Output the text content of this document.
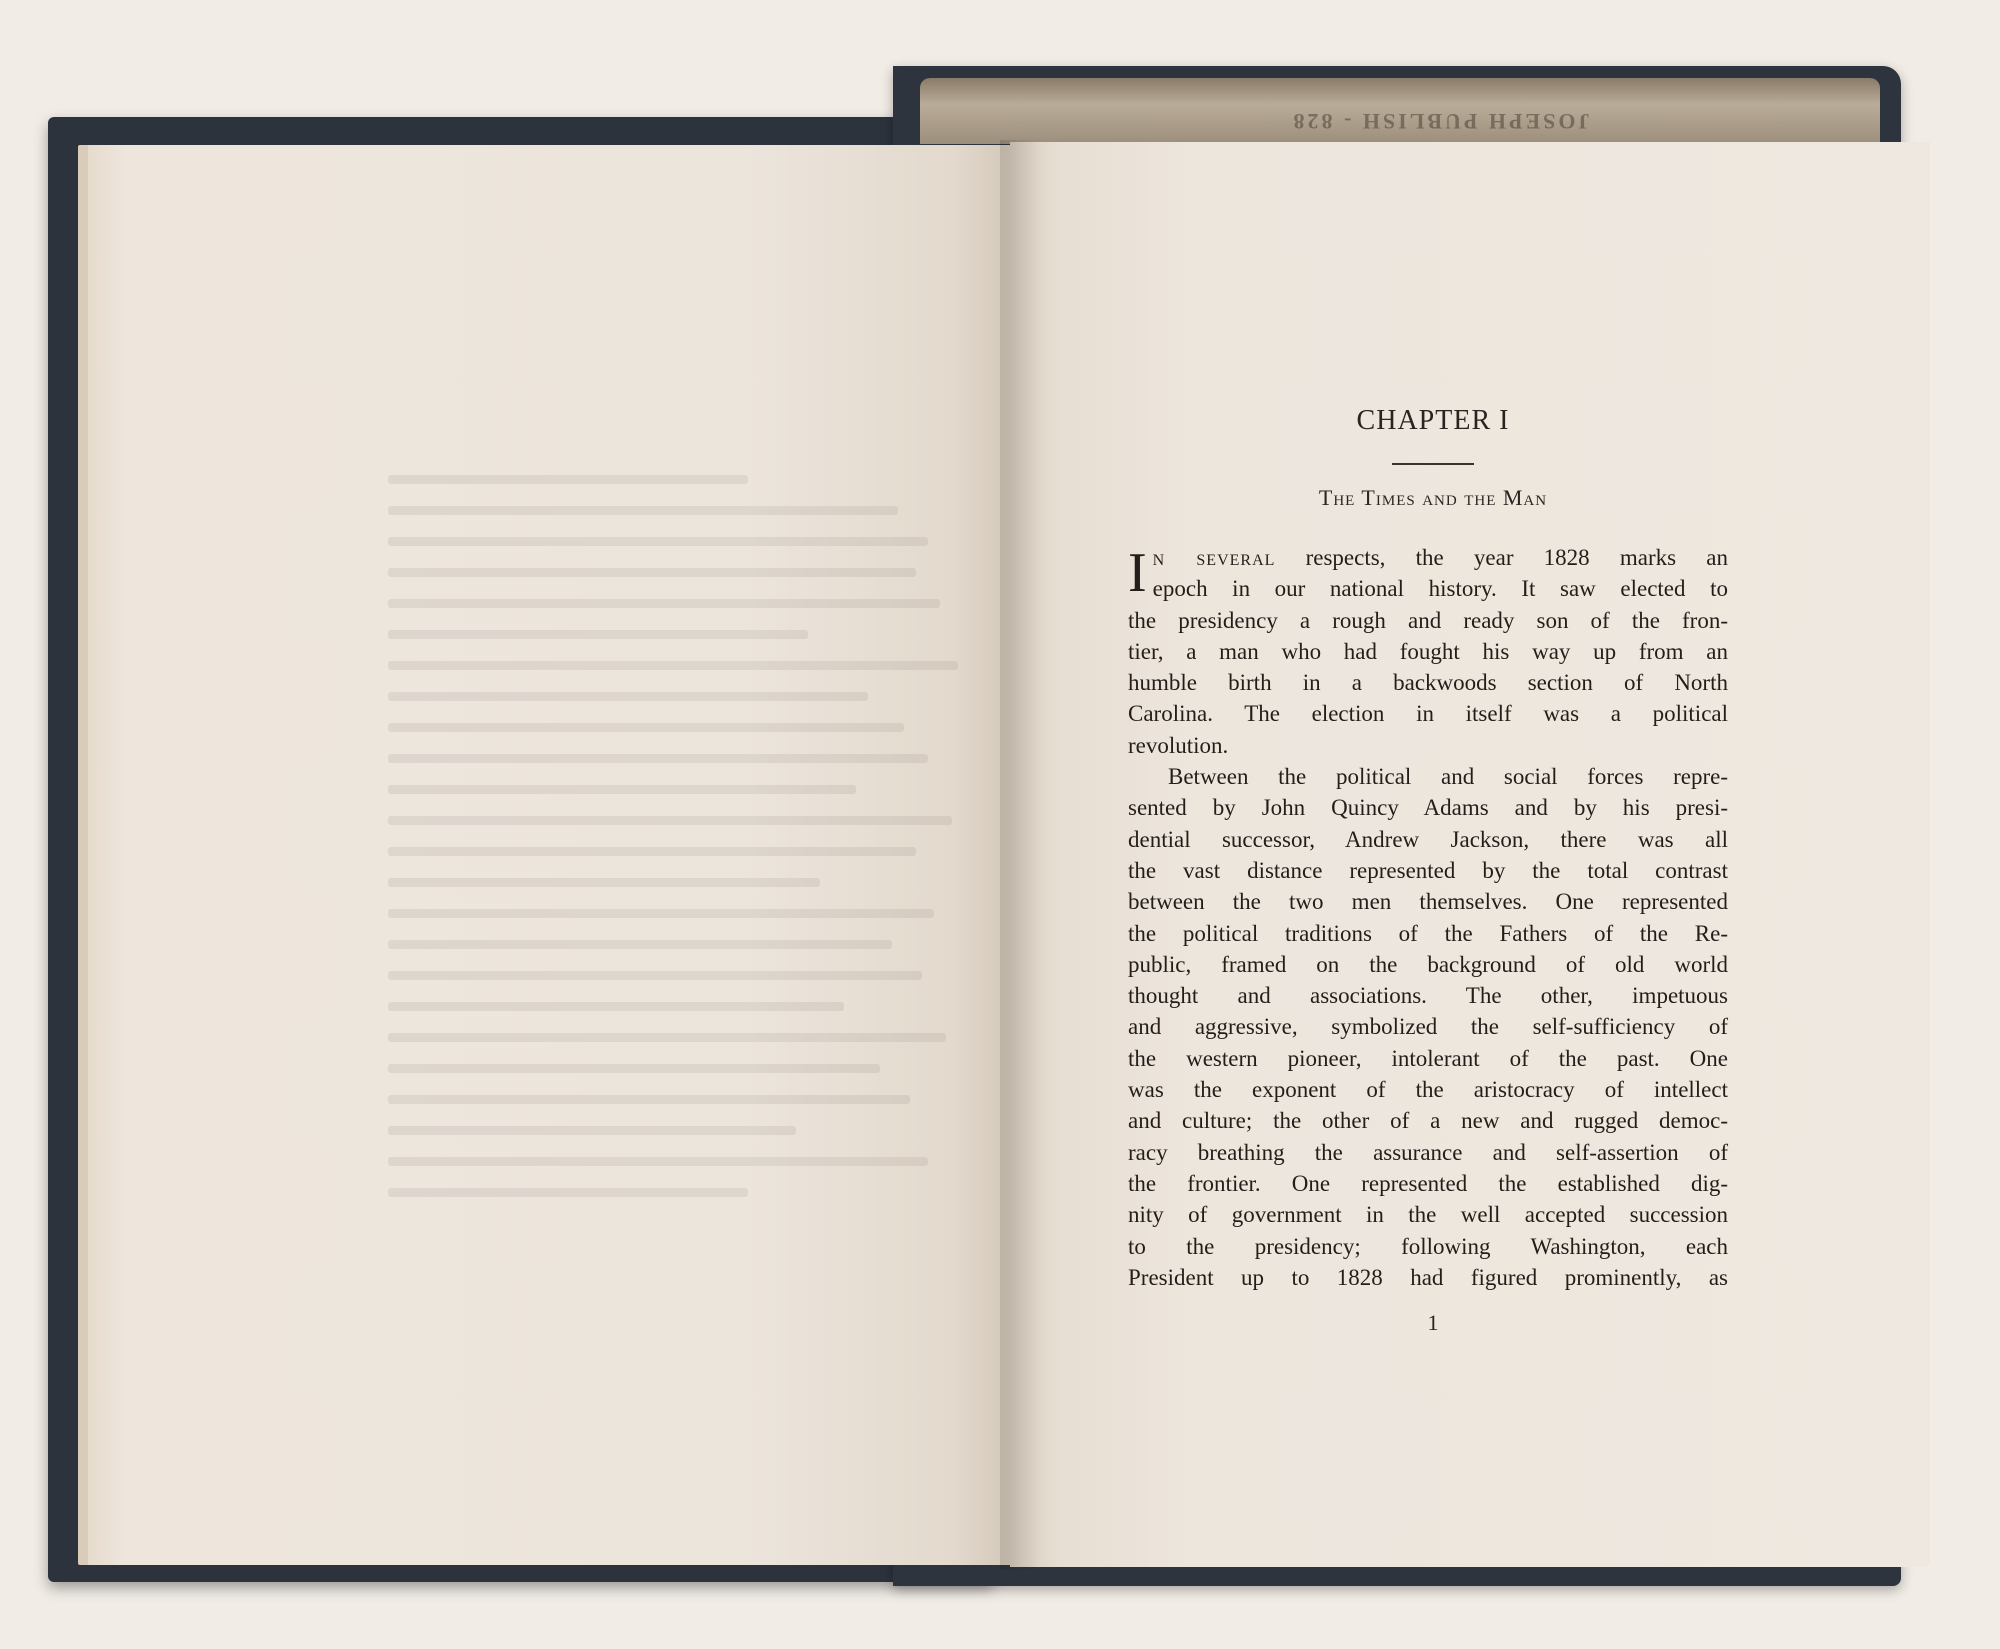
JOSEPH PUBLISH - 828
CHAPTER I
The Times and the Man
I n several respects, the year 1828 marks an
epoch in our national history. It saw elected to
the presidency a rough and ready son of the fron-
tier, a man who had fought his way up from an
humble birth in a backwoods section of North
Carolina. The election in itself was a political
revolution.
Between the political and social forces repre-
sented by John Quincy Adams and by his presi-
dential successor, Andrew Jackson, there was all
the vast distance represented by the total contrast
between the two men themselves. One represented
the political traditions of the Fathers of the Re-
public, framed on the background of old world
thought and associations. The other, impetuous
and aggressive, symbolized the self-sufficiency of
the western pioneer, intolerant of the past. One
was the exponent of the aristocracy of intellect
and culture; the other of a new and rugged democ-
racy breathing the assurance and self-assertion of
the frontier. One represented the established dig-
nity of government in the well accepted succession
to the presidency; following Washington, each
President up to 1828 had figured prominently, as
1
